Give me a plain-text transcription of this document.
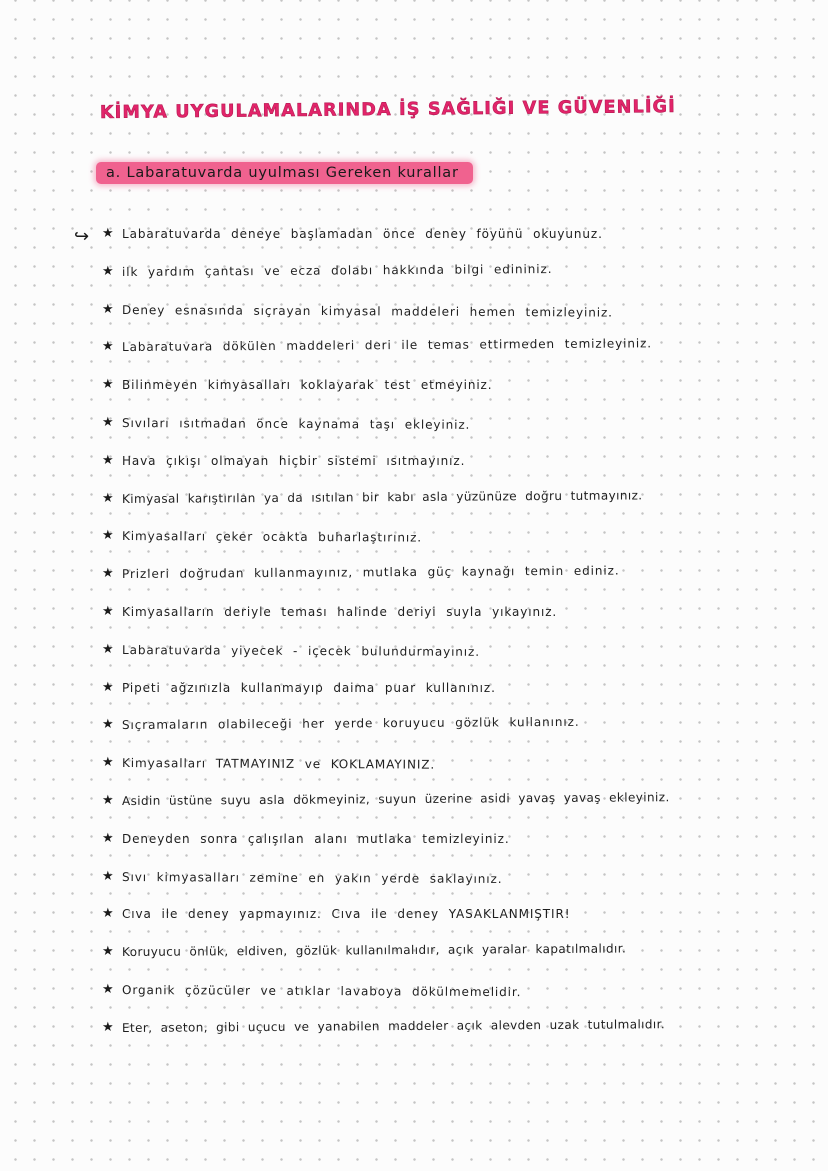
KİMYA UYGULAMALARINDA İŞ SAĞLIĞI VE GÜVENLİĞİ
a. Labaratuvarda uyulması Gereken kurallar
↪ ★ Labaratuvarda deneye başlamadan önce deney föyünü okuyunuz.
★ ilk yardım çantası ve ecza dolabı hakkında bilgi edininiz.
★ Deney esnasında sıçrayan kimyasal maddeleri hemen temizleyiniz.
★ Labaratuvara dökülen maddeleri deri ile temas ettirmeden temizleyiniz.
★ Bilinmeyen kimyasalları koklayarak test etmeyiniz.
★ Sıvıları ısıtmadan önce kaynama taşı ekleyiniz.
★ Hava çıkışı olmayan hiçbir sistemi ısıtmayınız.
★ Kimyasal karıştırılan ya da ısıtılan bir kabı asla yüzünüze doğru tutmayınız.
★ Kimyasalları çeker ocakta buharlaştırınız.
★ Prizleri doğrudan kullanmayınız, mutlaka güç kaynağı temin ediniz.
★ Kimyasalların deriyle teması halinde deriyi suyla yıkayınız.
★ Labaratuvarda yiyecek - içecek bulundurmayınız.
★ Pipeti ağzınızla kullanmayıp daima puar kullanınız.
★ Sıçramaların olabileceği her yerde koruyucu gözlük kullanınız.
★ Kimyasalları TATMAYINIZ ve KOKLAMAYINIZ.
★ Asidin üstüne suyu asla dökmeyiniz, suyun üzerine asidi yavaş yavaş ekleyiniz.
★ Deneyden sonra çalışılan alanı mutlaka temizleyiniz.
★ Sıvı kimyasalları zemine en yakın yerde saklayınız.
★ Cıva ile deney yapmayınız. Cıva ile deney YASAKLANMIŞTIR!
★ Koruyucu önlük, eldiven, gözlük kullanılmalıdır, açık yaralar kapatılmalıdır.
★ Organik çözücüler ve atıklar lavaboya dökülmemelidir.
★ Eter, aseton, gibi uçucu ve yanabilen maddeler açık alevden uzak tutulmalıdır.
